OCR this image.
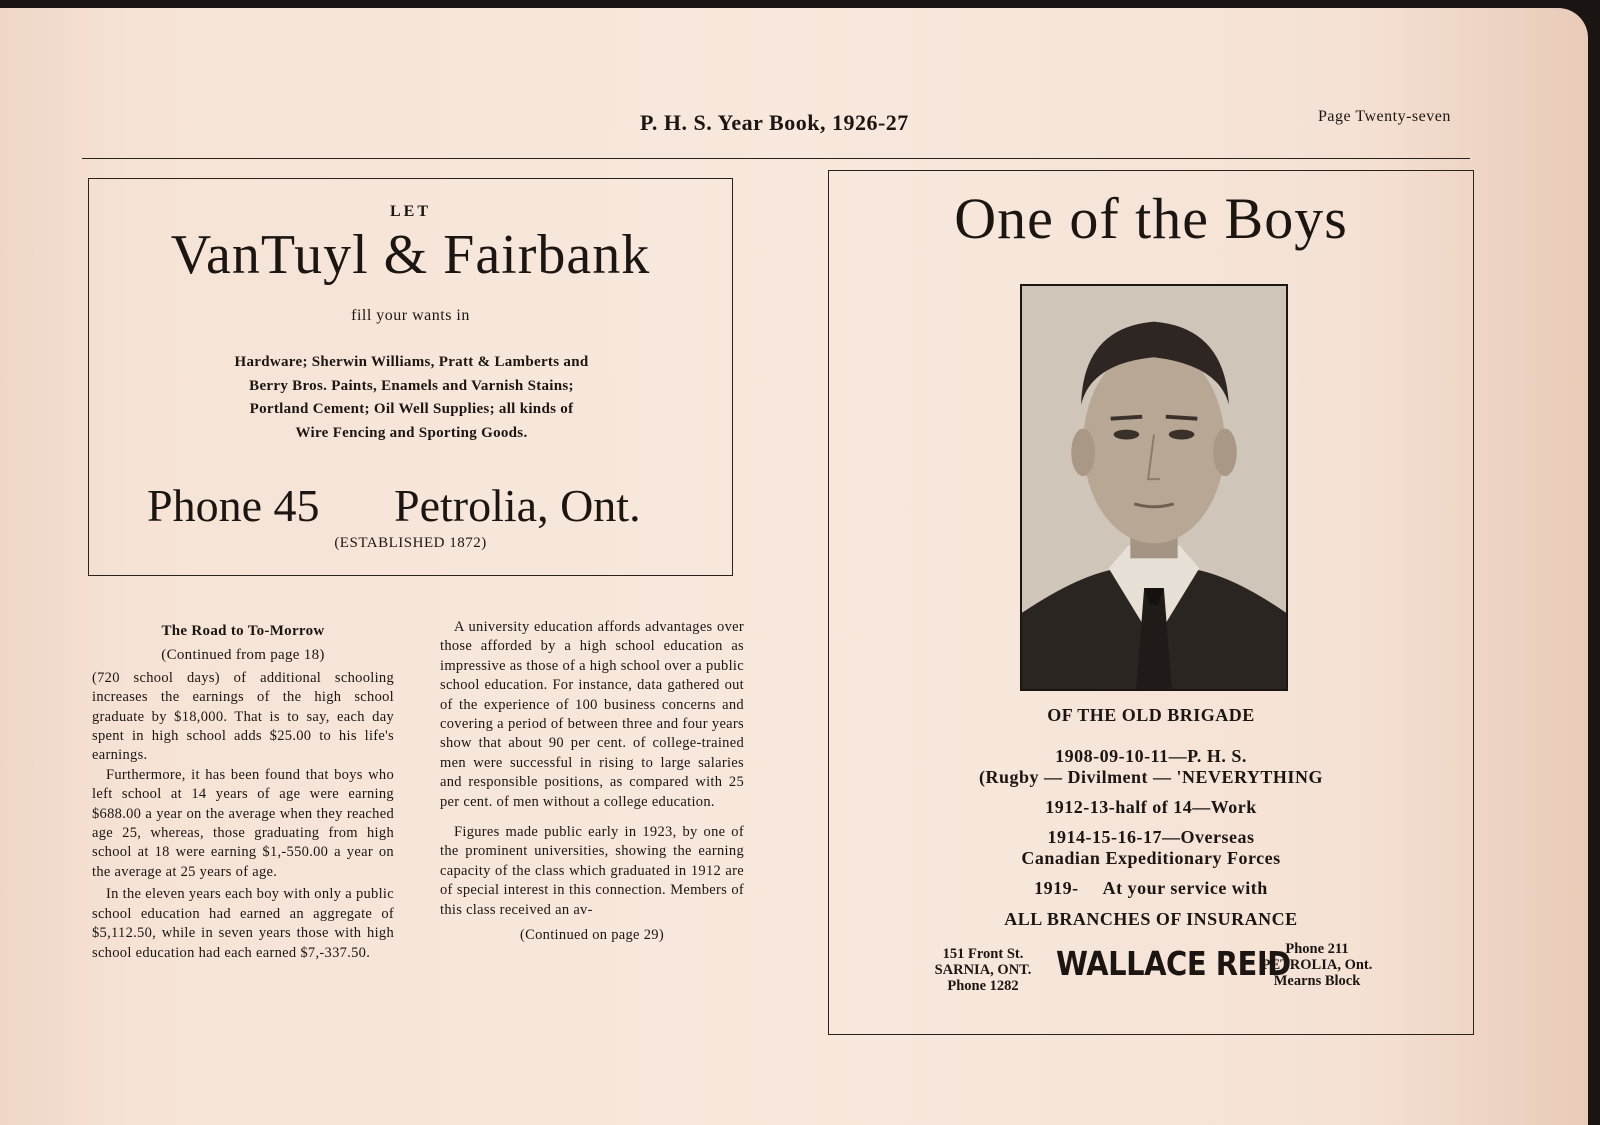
P. H. S. Year Book, 1926-27	Page Twenty-seven
LET
VanTuyl & Fairbank
fill your wants in
Hardware; Sherwin Williams, Pratt & Lamberts and
Berry Bros. Paints, Enamels and Varnish Stains;
Portland Cement; Oil Well Supplies; all kinds of
Wire Fencing and Sporting Goods.
Phone 45 Petrolia, Ont.
(ESTABLISHED 1872)

The Road to To-Morrow

(Continued from page 18)

(720 school days) of additional schooling increases the earnings of the high school graduate by $18,000. That is to say, each day spent in high school adds $25.00 to his life's earnings.

Furthermore, it has been found that boys who left school at 14 years of age were earning $688.00 a year on the average when they reached age 25, whereas, those graduating from high school at 18 were earning $1,-550.00 a year on the average at 25 years of age.

In the eleven years each boy with only a public school education had earned an aggregate of $5,112.50, while in seven years those with high school education had each earned $7,-337.50.

A university education affords advantages over those afforded by a high school education as impressive as those of a high school over a public school education. For instance, data gathered out of the experience of 100 business concerns and covering a period of between three and four years show that about 90 per cent. of college-trained men were successful in rising to large salaries and responsible positions, as compared with 25 per cent. of men without a college education.

Figures made public early in 1923, by one of the prominent universities, showing the earning capacity of the class which graduated in 1912 are of special interest in this connection. Members of this class received an av-

(Continued on page 29)

One of the Boys
OF THE OLD BRIGADE
1908-09-10-11—P. H. S.
(Rugby — Divilment — 'NEVERYTHING
1912-13-half of 14—Work
1914-15-16-17—Overseas
Canadian Expeditionary Forces
1919-     At your service with
ALL BRANCHES OF INSURANCE
151 Front St.
SARNIA, ONT.
Phone 1282
WALLACE REID
Phone 211
PETROLIA, Ont.
Mearns Block
